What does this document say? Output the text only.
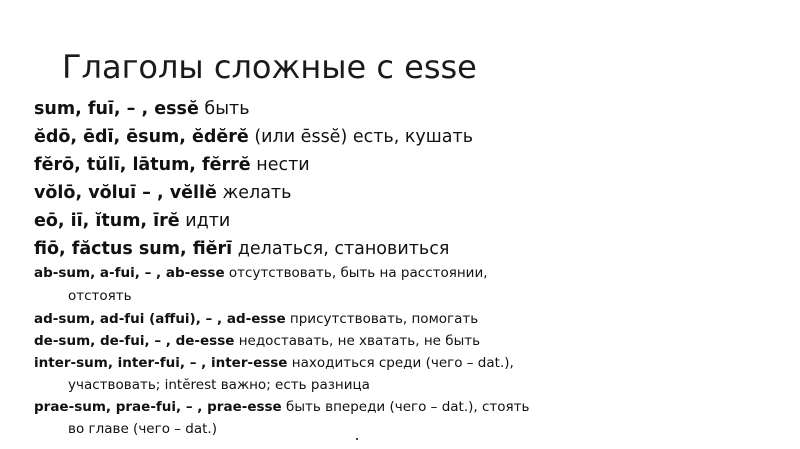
Глаголы сложные с esse
sum, fuī, – , essĕ быть
ĕdō, ēdī, ēsum, ĕdĕrĕ (или ēssĕ) есть, кушать
fĕrō, tŭlī, lātum, fĕrrĕ нести
vŏlō, vŏluī – , vĕllĕ желать
eō, iī, ĭtum, īrĕ идти
fiō, făctus sum, fiĕrī делаться, становиться
ab-sum, a-fui, – , ab-esse отсутствовать, быть на расстоянии,
отстоять
ad-sum, ad-fui (affui), – , ad-esse присутствовать, помогать
de-sum, de-fui, – , de-esse недоставать, не хватать, не быть
inter-sum, inter-fui, – , inter-esse находиться среди (чего – dat.),
участвовать; intĕrest важно; есть разница
prae-sum, prae-fui, – , prae-esse быть впереди (чего – dat.), стоять
во главе (чего – dat.)
